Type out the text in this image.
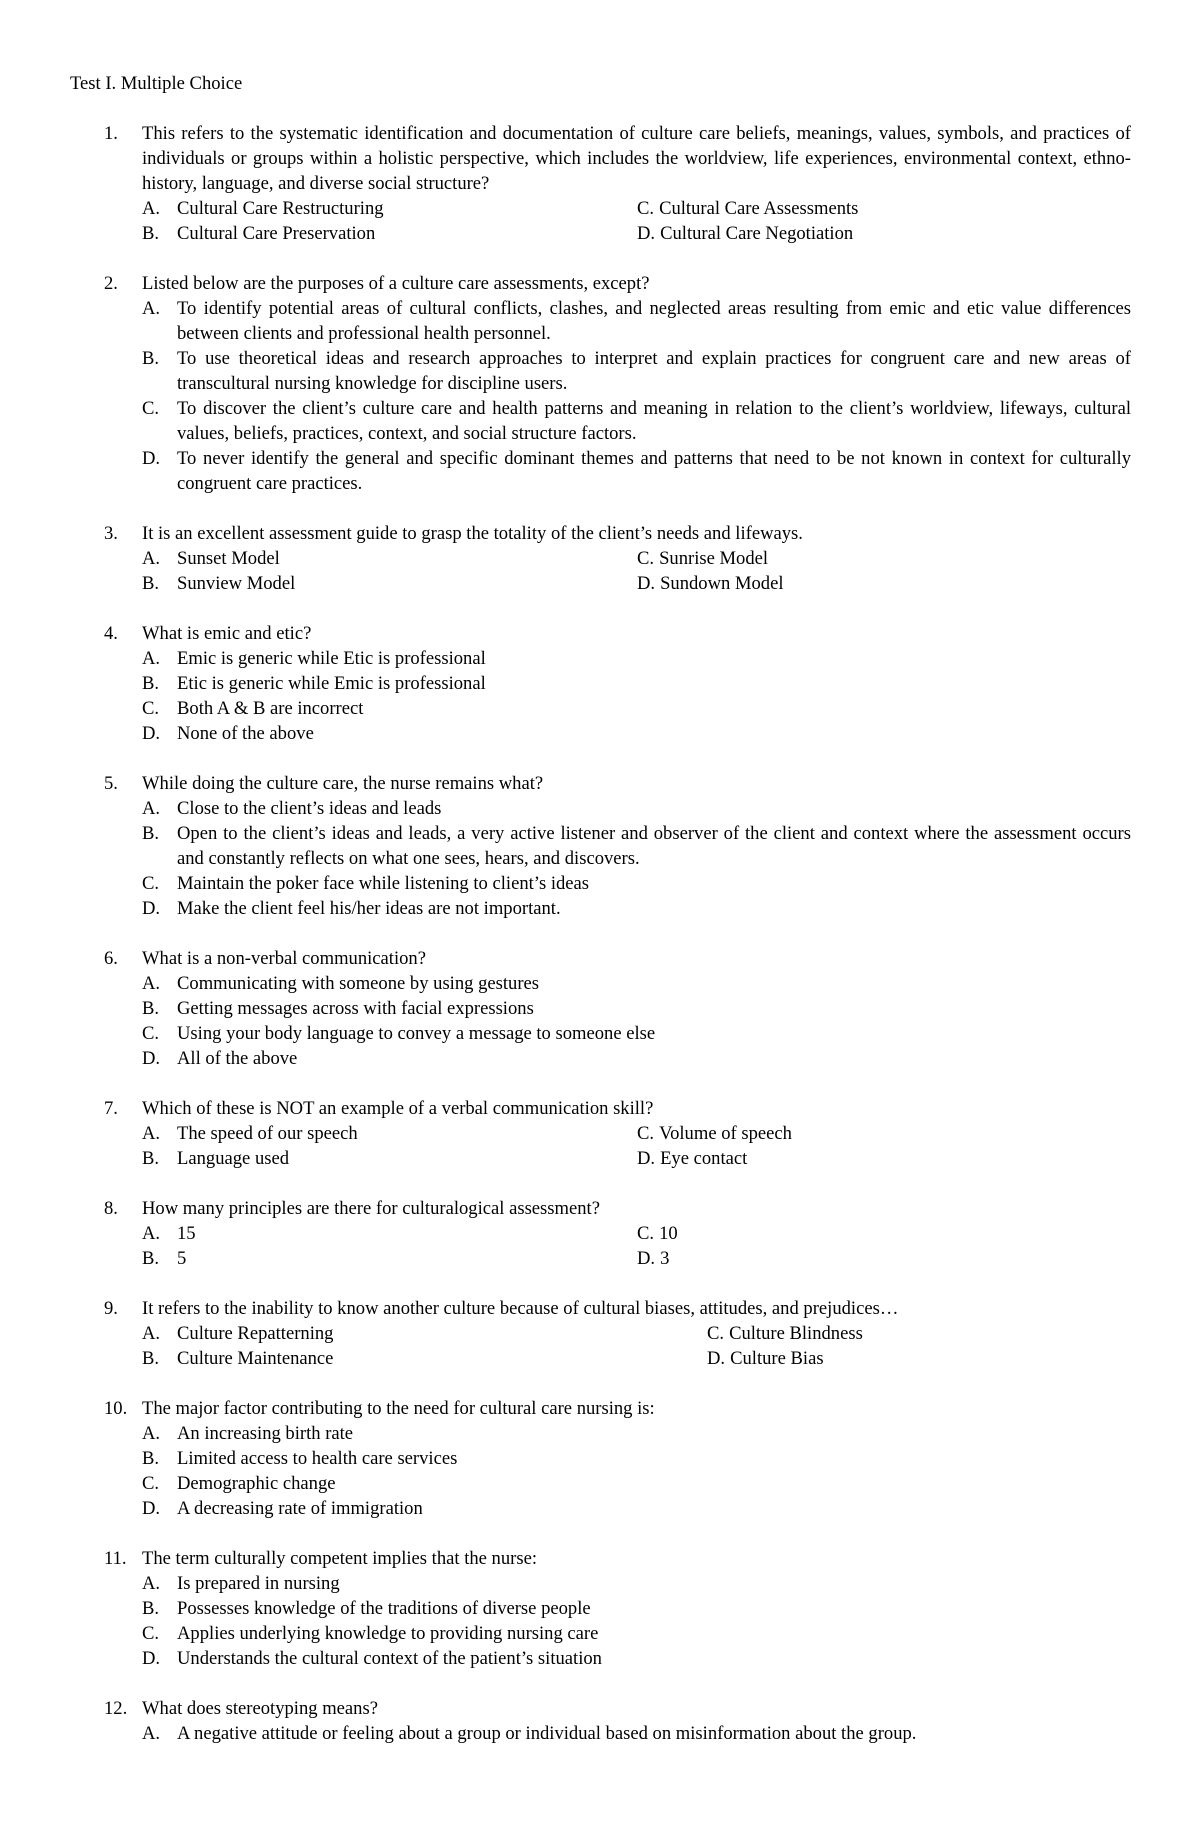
Test I. Multiple Choice
1.	This refers to the systematic identification and documentation of culture care beliefs, meanings, values, symbols, and practices of individuals or groups within a holistic perspective, which includes the worldview, life experiences, environmental context, ethno-history, language, and diverse social structure?
A. Cultural Care Restructuring	C. Cultural Care Assessments
B. Cultural Care Preservation	D. Cultural Care Negotiation
2.	Listed below are the purposes of a culture care assessments, except?
A. To identify potential areas of cultural conflicts, clashes, and neglected areas resulting from emic and etic value differences between clients and professional health personnel.
B. To use theoretical ideas and research approaches to interpret and explain practices for congruent care and new areas of transcultural nursing knowledge for discipline users.
C. To discover the client’s culture care and health patterns and meaning in relation to the client’s worldview, lifeways, cultural values, beliefs, practices, context, and social structure factors.
D. To never identify the general and specific dominant themes and patterns that need to be not known in context for culturally congruent care practices.
3.	It is an excellent assessment guide to grasp the totality of the client’s needs and lifeways.
A. Sunset Model	C. Sunrise Model
B. Sunview Model	D. Sundown Model
4.	What is emic and etic?
A. Emic is generic while Etic is professional
B. Etic is generic while Emic is professional
C. Both A & B are incorrect
D. None of the above
5.	While doing the culture care, the nurse remains what?
A. Close to the client’s ideas and leads
B. Open to the client’s ideas and leads, a very active listener and observer of the client and context where the assessment occurs and constantly reflects on what one sees, hears, and discovers.
C. Maintain the poker face while listening to client’s ideas
D. Make the client feel his/her ideas are not important.
6.	What is a non-verbal communication?
A. Communicating with someone by using gestures
B. Getting messages across with facial expressions
C. Using your body language to convey a message to someone else
D. All of the above
7.	Which of these is NOT an example of a verbal communication skill?
A. The speed of our speech	C. Volume of speech
B. Language used	D. Eye contact
8.	How many principles are there for culturalogical assessment?
A. 15	C. 10
B. 5	D. 3
9.	It refers to the inability to know another culture because of cultural biases, attitudes, and prejudices…
A. Culture Repatterning	C. Culture Blindness
B. Culture Maintenance	D. Culture Bias
10. The major factor contributing to the need for cultural care nursing is:
A. An increasing birth rate
B. Limited access to health care services
C. Demographic change
D. A decreasing rate of immigration
11. The term culturally competent implies that the nurse:
A. Is prepared in nursing
B. Possesses knowledge of the traditions of diverse people
C. Applies underlying knowledge to providing nursing care
D. Understands the cultural context of the patient’s situation
12. What does stereotyping means?
A. A negative attitude or feeling about a group or individual based on misinformation about the group.
